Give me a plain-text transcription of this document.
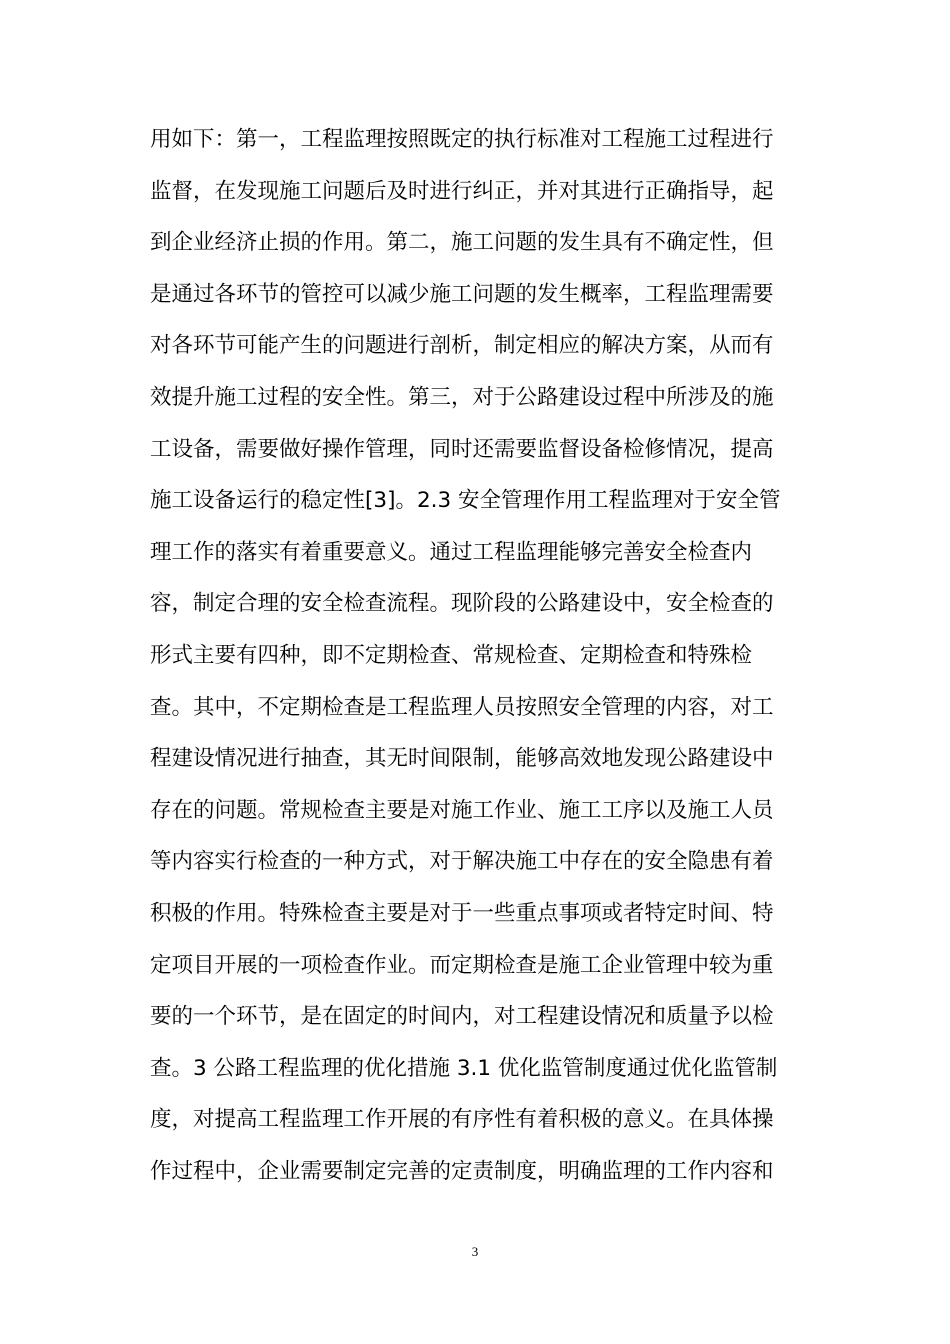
用如下：第一，工程监理按照既定的执行标准对工程施工过程进行
监督，在发现施工问题后及时进行纠正，并对其进行正确指导，起
到企业经济止损的作用。第二，施工问题的发生具有不确定性，但
是通过各环节的管控可以减少施工问题的发生概率，工程监理需要
对各环节可能产生的问题进行剖析，制定相应的解决方案，从而有
效提升施工过程的安全性。第三，对于公路建设过程中所涉及的施
工设备，需要做好操作管理，同时还需要监督设备检修情况，提高
施工设备运行的稳定性[3]。2.3 安全管理作用工程监理对于安全管
理工作的落实有着重要意义。通过工程监理能够完善安全检查内
容，制定合理的安全检查流程。现阶段的公路建设中，安全检查的
形式主要有四种，即不定期检查、常规检查、定期检查和特殊检
查。其中，不定期检查是工程监理人员按照安全管理的内容，对工
程建设情况进行抽查，其无时间限制，能够高效地发现公路建设中
存在的问题。常规检查主要是对施工作业、施工工序以及施工人员
等内容实行检查的一种方式，对于解决施工中存在的安全隐患有着
积极的作用。特殊检查主要是对于一些重点事项或者特定时间、特
定项目开展的一项检查作业。而定期检查是施工企业管理中较为重
要的一个环节，是在固定的时间内，对工程建设情况和质量予以检
查。3 公路工程监理的优化措施 3.1 优化监管制度通过优化监管制
度，对提高工程监理工作开展的有序性有着积极的意义。在具体操
作过程中，企业需要制定完善的定责制度，明确监理的工作内容和
3
